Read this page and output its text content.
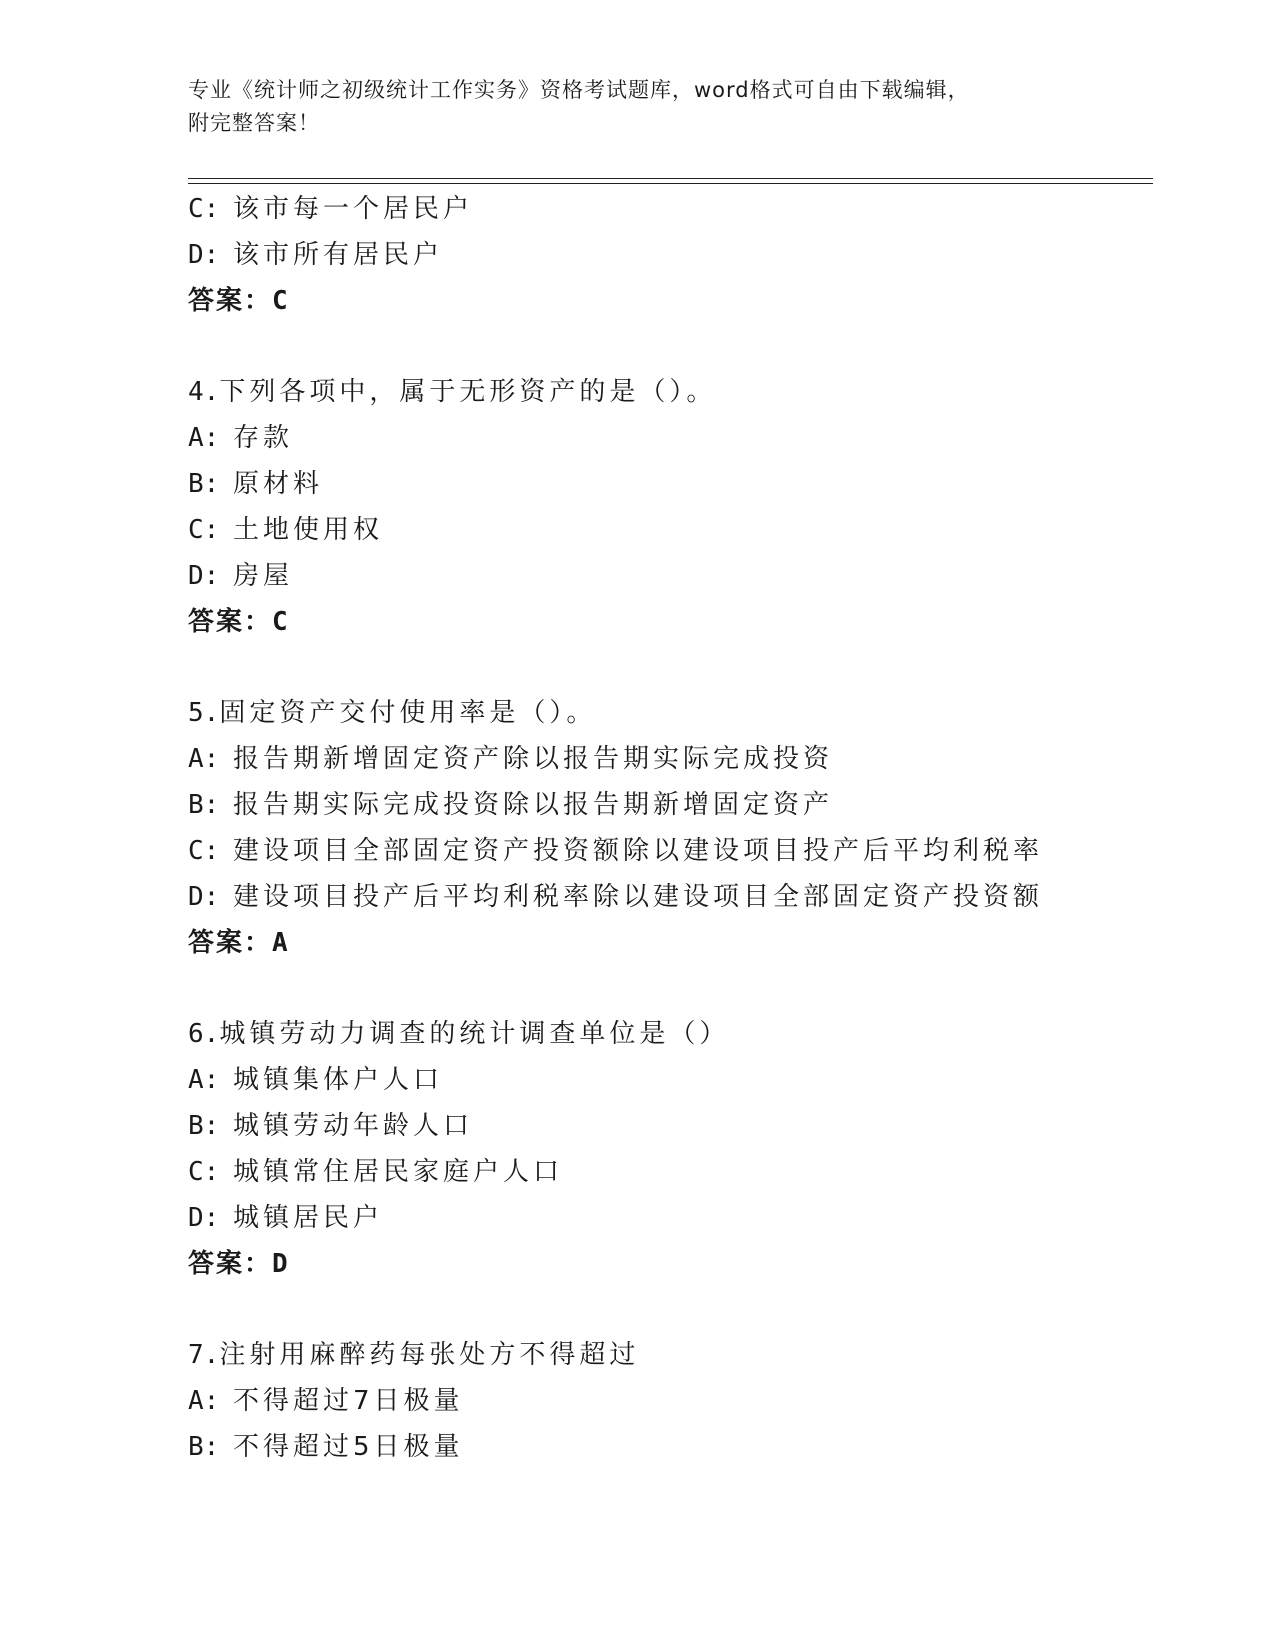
专业《统计师之初级统计工作实务》资格考试题库，word格式可自由下载编辑，
附完整答案！
C: 该市每一个居民户
D: 该市所有居民户
答案：C
4.下列各项中，属于无形资产的是（）。
A: 存款
B: 原材料
C: 土地使用权
D: 房屋
答案：C
5.固定资产交付使用率是（）。
A: 报告期新增固定资产除以报告期实际完成投资
B: 报告期实际完成投资除以报告期新增固定资产
C: 建设项目全部固定资产投资额除以建设项目投产后平均利税率
D: 建设项目投产后平均利税率除以建设项目全部固定资产投资额
答案：A
6.城镇劳动力调查的统计调查单位是（）
A: 城镇集体户人口
B: 城镇劳动年龄人口
C: 城镇常住居民家庭户人口
D: 城镇居民户
答案：D
7.注射用麻醉药每张处方不得超过
A: 不得超过7日极量
B: 不得超过5日极量
